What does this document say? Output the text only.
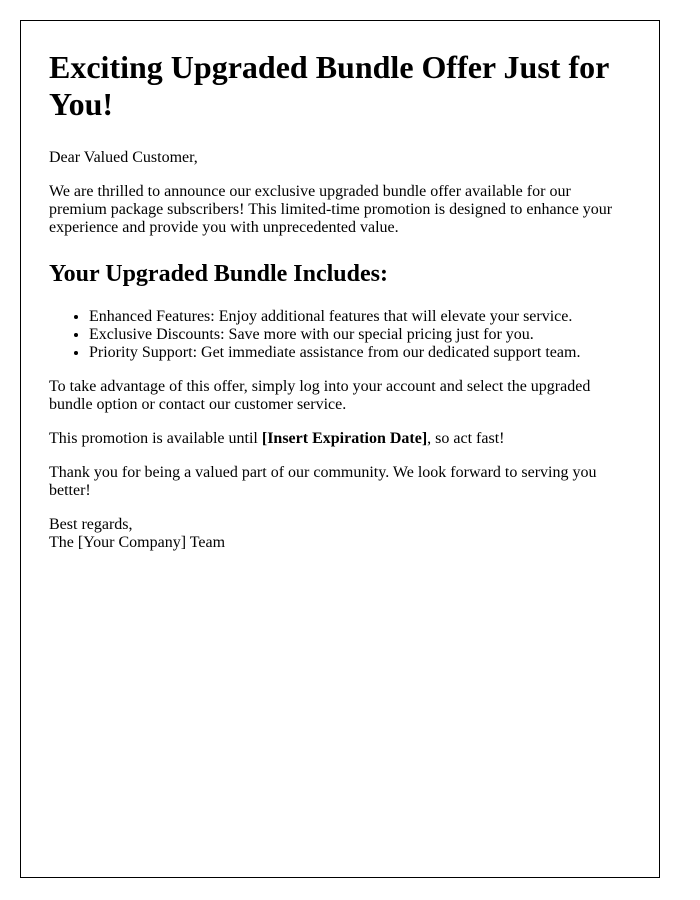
Exciting Upgraded Bundle Offer Just for You!

Dear Valued Customer,

We are thrilled to announce our exclusive upgraded bundle offer available for our premium package subscribers! This limited-time promotion is designed to enhance your experience and provide you with unprecedented value.

Your Upgraded Bundle Includes:
• Enhanced Features: Enjoy additional features that will elevate your service.
• Exclusive Discounts: Save more with our special pricing just for you.
• Priority Support: Get immediate assistance from our dedicated support team.

To take advantage of this offer, simply log into your account and select the upgraded bundle option or contact our customer service.

This promotion is available until [Insert Expiration Date], so act fast!

Thank you for being a valued part of our community. We look forward to serving you better!

Best regards,
The [Your Company] Team
